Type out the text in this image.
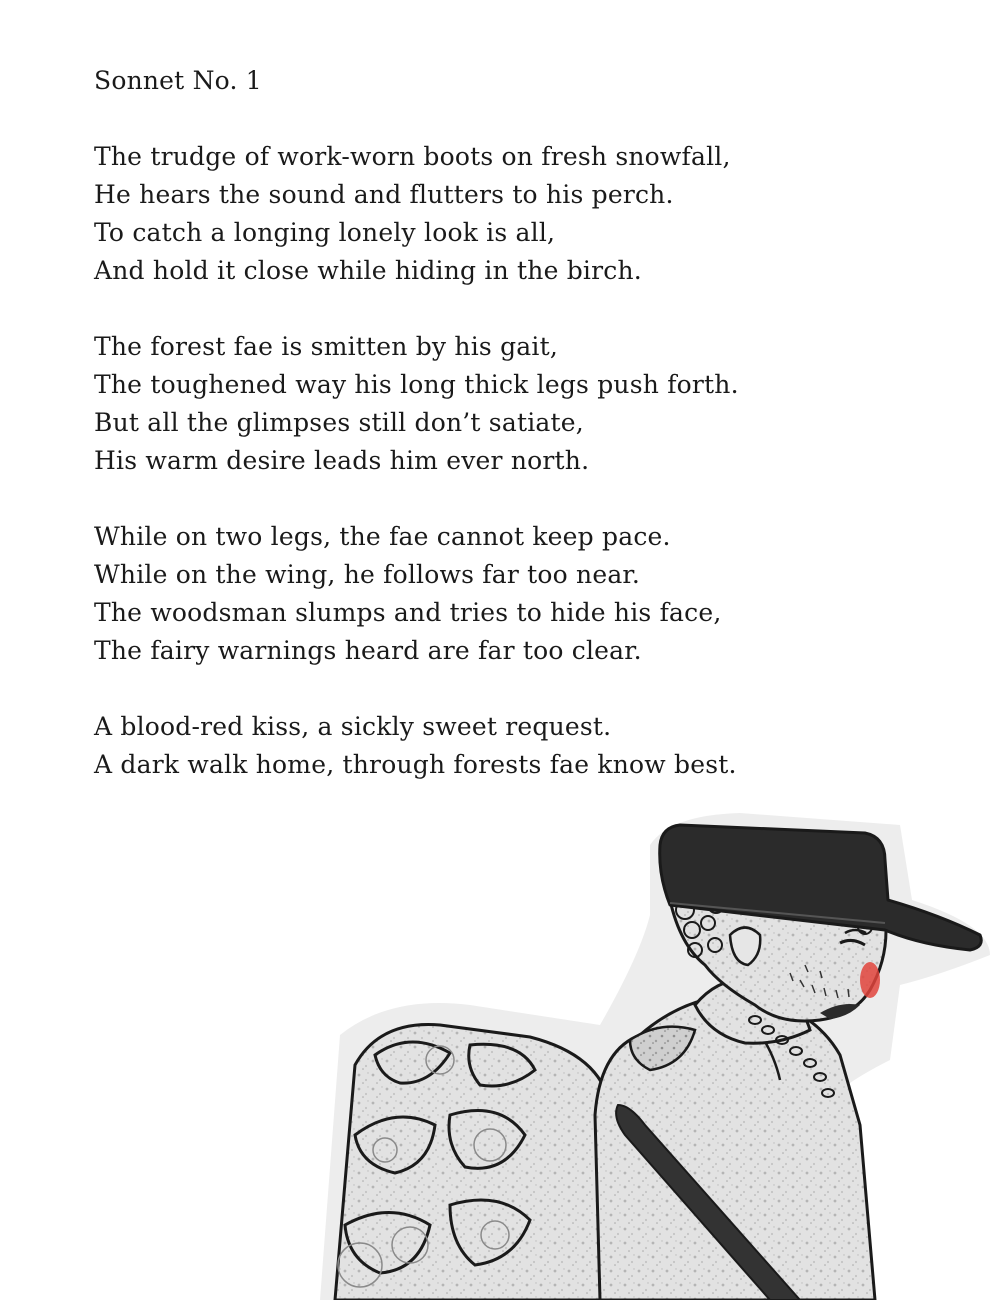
Sonnet No. 1
The trudge of work-worn boots on fresh snowfall,
He hears the sound and flutters to his perch.
To catch a longing lonely look is all,
And hold it close while hiding in the birch.
The forest fae is smitten by his gait,
The toughened way his long thick legs push forth.
But all the glimpses still don’t satiate,
His warm desire leads him ever north.
While on two legs, the fae cannot keep pace.
While on the wing, he follows far too near.
The woodsman slumps and tries to hide his face,
The fairy warnings heard are far too clear.
A blood-red kiss, a sickly sweet request.
A dark walk home, through forests fae know best.
